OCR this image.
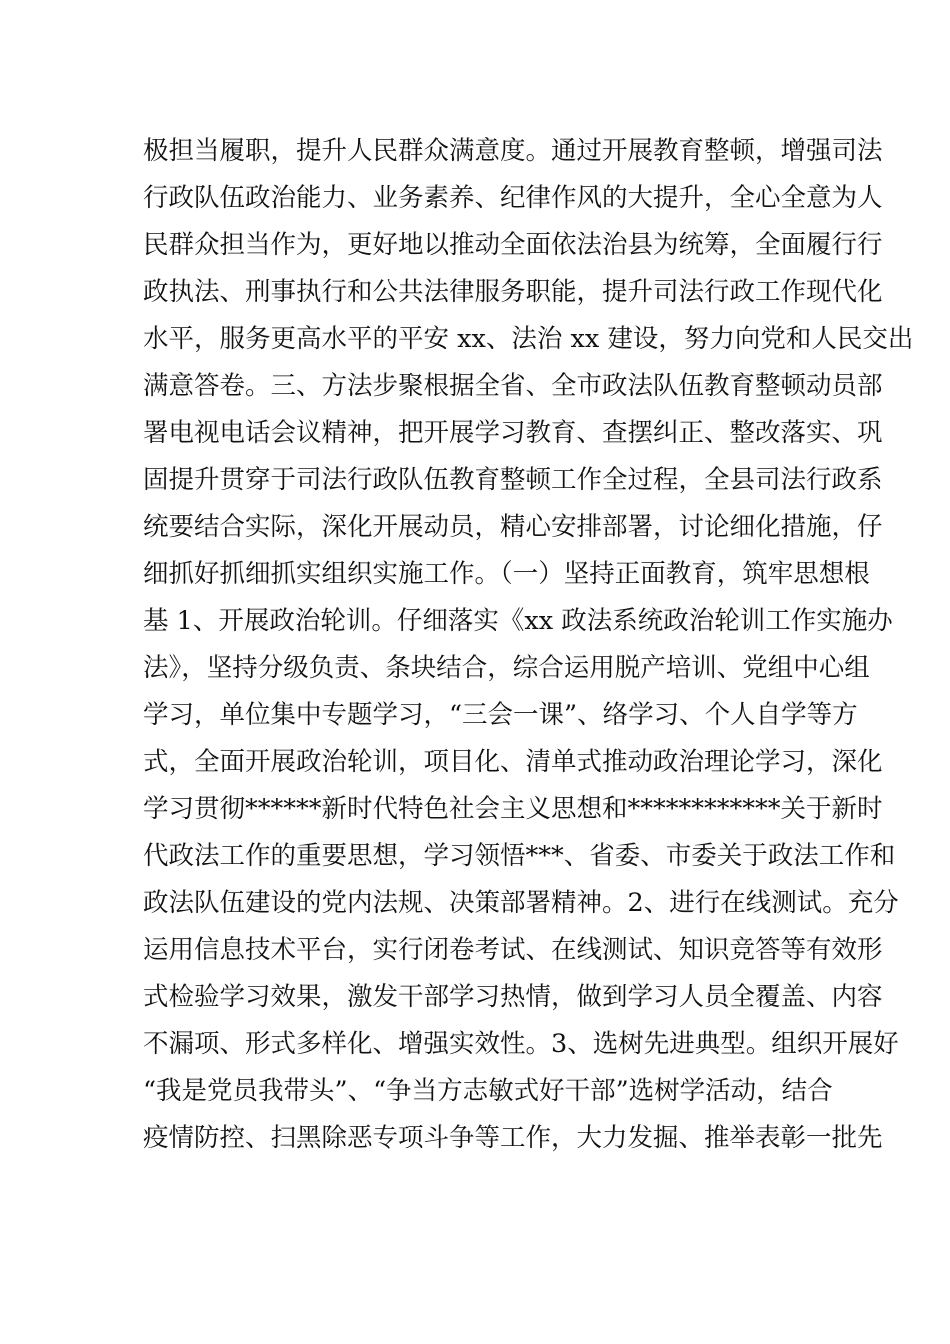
极担当履职，提升人民群众满意度。通过开展教育整顿，增强司法
行政队伍政治能力、业务素养、纪律作风的大提升，全心全意为人
民群众担当作为，更好地以推动全面依法治县为统筹，全面履行行
政执法、刑事执行和公共法律服务职能，提升司法行政工作现代化
水平，服务更高水平的平安 xx、法治 xx 建设，努力向党和人民交出
满意答卷。三、方法步聚根据全省、全市政法队伍教育整顿动员部
署电视电话会议精神，把开展学习教育、查摆纠正、整改落实、巩
固提升贯穿于司法行政队伍教育整顿工作全过程，全县司法行政系
统要结合实际，深化开展动员，精心安排部署，讨论细化措施，仔
细抓好抓细抓实组织实施工作。（一）坚持正面教育，筑牢思想根
基 1、开展政治轮训。仔细落实《xx 政法系统政治轮训工作实施办
法》，坚持分级负责、条块结合，综合运用脱产培训、党组中心组
学习，单位集中专题学习，“三会一课”、络学习、个人自学等方
式，全面开展政治轮训，项目化、清单式推动政治理论学习，深化
学习贯彻******新时代特色社会主义思想和************关于新时
代政法工作的重要思想，学习领悟***、省委、市委关于政法工作和
政法队伍建设的党内法规、决策部署精神。2、进行在线测试。充分
运用信息技术平台，实行闭卷考试、在线测试、知识竞答等有效形
式检验学习效果，激发干部学习热情，做到学习人员全覆盖、内容
不漏项、形式多样化、增强实效性。3、选树先进典型。组织开展好
“我是党员我带头”、“争当方志敏式好干部”选树学活动，结合
疫情防控、扫黑除恶专项斗争等工作，大力发掘、推举表彰一批先
